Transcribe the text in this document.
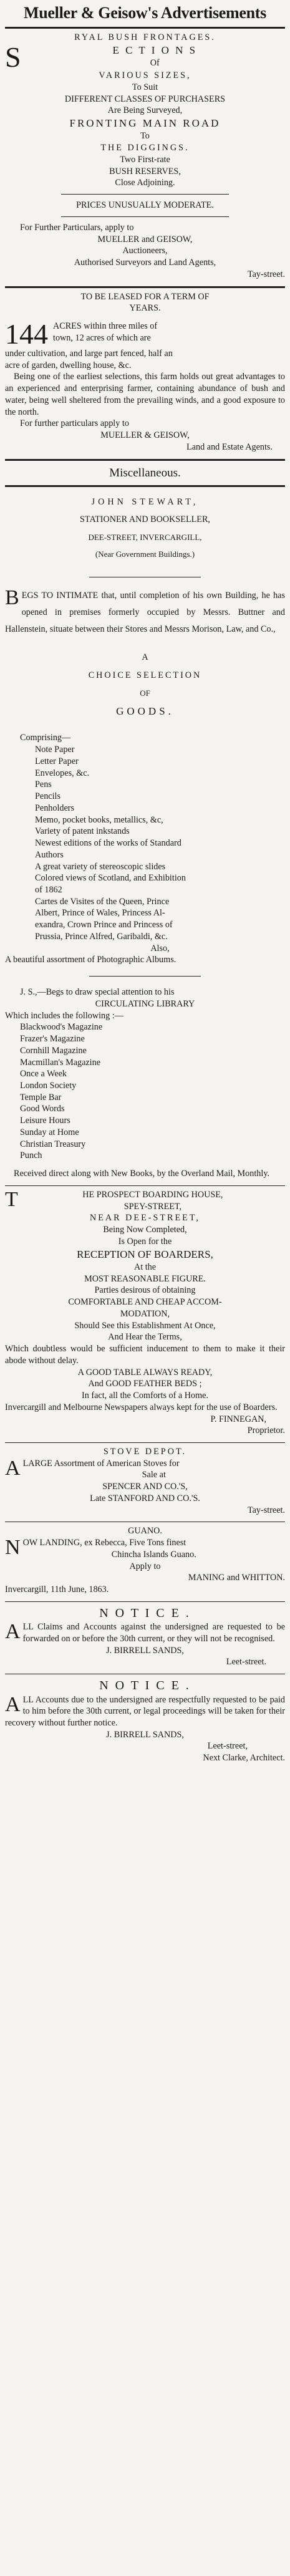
Mueller & Geisow's Advertisements
RYAL BUSH FRONTAGES.
S	E C T I O N S
Of
VARIOUS SIZES,
To Suit
DIFFERENT CLASSES OF PURCHASERS
Are Being Surveyed,
FRONTING MAIN ROAD
To
THE DIGGINGS.
Two First-rate
BUSH RESERVES,
Close Adjoining.
PRICES UNUSUALLY MODERATE.
For Further Particulars, apply to
MUELLER and GEISOW,
Auctioneers,
Authorised Surveyors and Land Agents,
Tay-street.
TO BE LEASED FOR A TERM OF
YEARS.
144 ACRES within three miles of
town, 12 acres of which are
under cultivation, and large part fenced, half an
acre of garden, dwelling house, &c.
Being one of the earliest selections, this farm holds out great advantages to an experienced and enterprising farmer, containing abundance of bush and water, being well sheltered from the prevailing winds, and a good exposure to the north.
For further particulars apply to
MUELLER & GEISOW,
Land and Estate Agents.
Miscellaneous.
JOHN STEWART,
STATIONER AND BOOKSELLER,
DEE-STREET, INVERCARGILL,
(Near Government Buildings.)
BEGS TO INTIMATE that, until completion of his own Building, he has opened in premises formerly occupied by Messrs. Buttner and Hallenstein, situate between their Stores and Messrs Morison, Law, and Co.,
A
CHOICE SELECTION
OF
GOODS.
Comprising—
Note Paper
Letter Paper
Envelopes, &c.
Pens
Pencils
Penholders
Memo, pocket books, metallics, &c,
Variety of patent inkstands
Newest editions of the works of Standard
Authors
A great variety of stereoscopic slides
Colored views of Scotland, and Exhibition
of 1862
Cartes de Visites of the Queen, Prince
Albert, Prince of Wales, Princess Al-
exandra, Crown Prince and Princess of
Prussia, Prince Alfred, Garibaldi, &c.
Also,
A beautiful assortment of Photographic Albums.
J. S.,—Begs to draw special attention to his
CIRCULATING LIBRARY
Which includes the following :—
Blackwood's Magazine
Frazer's Magazine
Cornhill Magazine
Macmillan's Magazine
Once a Week
London Society
Temple Bar
Good Words
Leisure Hours
Sunday at Home
Christian Treasury
Punch
Received direct along with New Books, by the Overland Mail, Monthly.
T	HE PROSPECT BOARDING HOUSE,
SPEY-STREET,
NEAR DEE-STREET,
Being Now Completed,
Is Open for the
RECEPTION OF BOARDERS,
At the
MOST REASONABLE FIGURE.
Parties desirous of obtaining
COMFORTABLE AND CHEAP ACCOM-
MODATION,
Should See this Establishment At Once,
And Hear the Terms,
Which doubtless would be sufficient inducement to them to make it their abode without delay.
A GOOD TABLE ALWAYS READY,
And GOOD FEATHER BEDS ;
In fact, all the Comforts of a Home.
Invercargill and Melbourne Newspapers always kept for the use of Boarders.
P. FINNEGAN,
Proprietor.
STOVE DEPOT.
A LARGE Assortment of American Stoves for
Sale at
SPENCER AND CO.'S,
Late STANFORD AND CO.'S.
Tay-street.
GUANO.
N OW LANDING, ex Rebecca, Five Tons finest
Chincha Islands Guano.
Apply to
MANING and WHITTON.
Invercargill, 11th June, 1863.
N O T I C E .
ALL Claims and Accounts against the undersigned are requested to be forwarded on or before the 30th current, or they will not be recognised.
J. BIRRELL SANDS,
Leet-street.
N O T I C E .
ALL Accounts due to the undersigned are respectfully requested to be paid to him before the 30th current, or legal proceedings will be taken for their recovery without further notice.
J. BIRRELL SANDS,
Leet-street,
Next Clarke, Architect.
